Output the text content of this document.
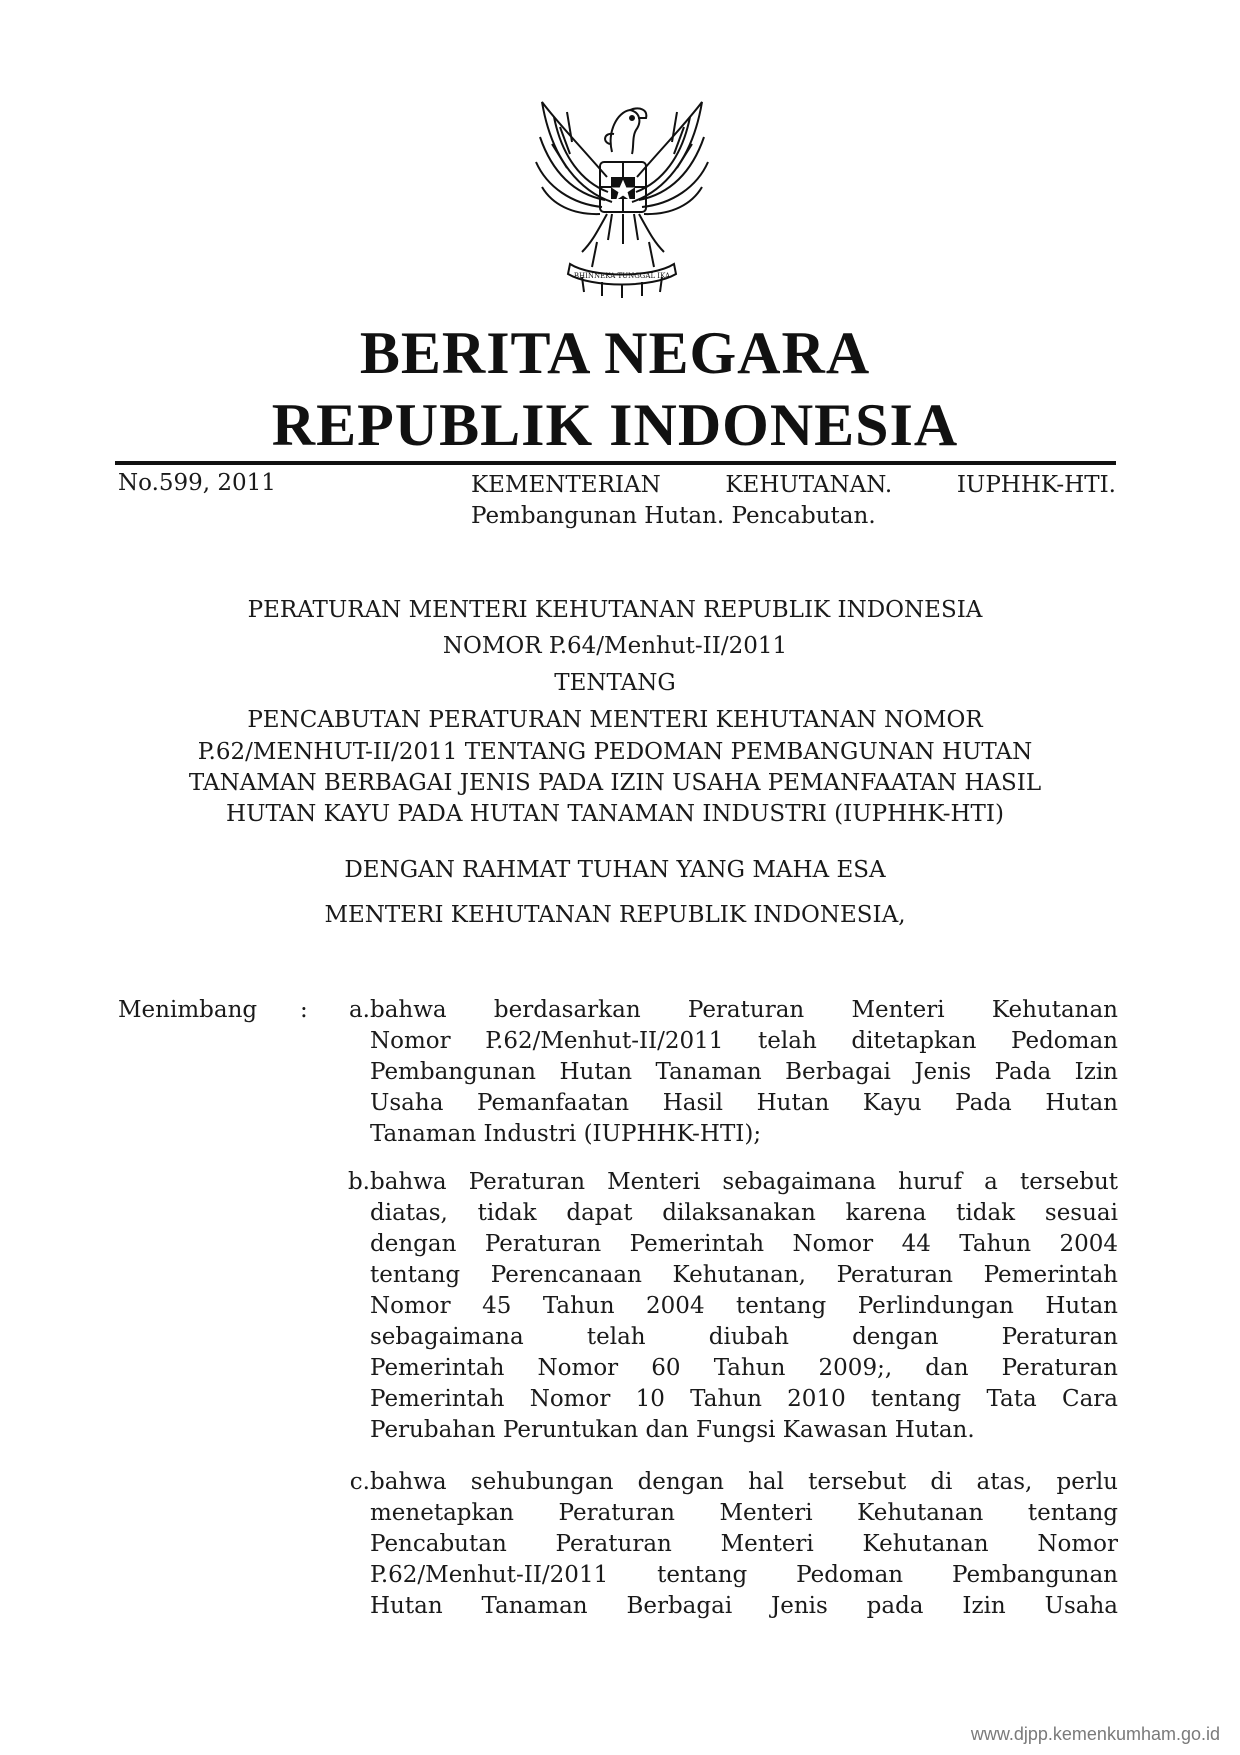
BHINNEKA TUNGGAL IKA
BERITA NEGARA
REPUBLIK INDONESIA
No.599, 2011	KEMENTERIAN	KEHUTANAN.	IUPHHK-HTI.
Pembangunan Hutan. Pencabutan.
PERATURAN MENTERI KEHUTANAN REPUBLIK INDONESIA
NOMOR P.64/Menhut-II/2011
TENTANG
PENCABUTAN PERATURAN MENTERI KEHUTANAN NOMOR
P.62/MENHUT-II/2011 TENTANG PEDOMAN PEMBANGUNAN HUTAN
TANAMAN BERBAGAI JENIS PADA IZIN USAHA PEMANFAATAN HASIL
HUTAN KAYU PADA HUTAN TANAMAN INDUSTRI (IUPHHK-HTI)
DENGAN RAHMAT TUHAN YANG MAHA ESA
MENTERI KEHUTANAN REPUBLIK INDONESIA,
Menimbang :	a. bahwa berdasarkan Peraturan Menteri Kehutanan
Nomor P.62/Menhut-II/2011 telah ditetapkan Pedoman
Pembangunan Hutan Tanaman Berbagai Jenis Pada Izin
Usaha Pemanfaatan Hasil Hutan Kayu Pada Hutan
Tanaman Industri (IUPHHK-HTI);
b. bahwa Peraturan Menteri sebagaimana huruf a tersebut
diatas, tidak dapat dilaksanakan karena tidak sesuai
dengan Peraturan Pemerintah Nomor 44 Tahun 2004
tentang Perencanaan Kehutanan, Peraturan Pemerintah
Nomor 45 Tahun 2004 tentang Perlindungan Hutan
sebagaimana telah diubah dengan Peraturan
Pemerintah Nomor 60 Tahun 2009;, dan Peraturan
Pemerintah Nomor 10 Tahun 2010 tentang Tata Cara
Perubahan Peruntukan dan Fungsi Kawasan Hutan.
c. bahwa sehubungan dengan hal tersebut di atas, perlu
menetapkan Peraturan Menteri Kehutanan tentang
Pencabutan Peraturan Menteri Kehutanan Nomor
P.62/Menhut-II/2011 tentang Pedoman Pembangunan
Hutan Tanaman Berbagai Jenis pada Izin Usaha
www.djpp.kemenkumham.go.id
